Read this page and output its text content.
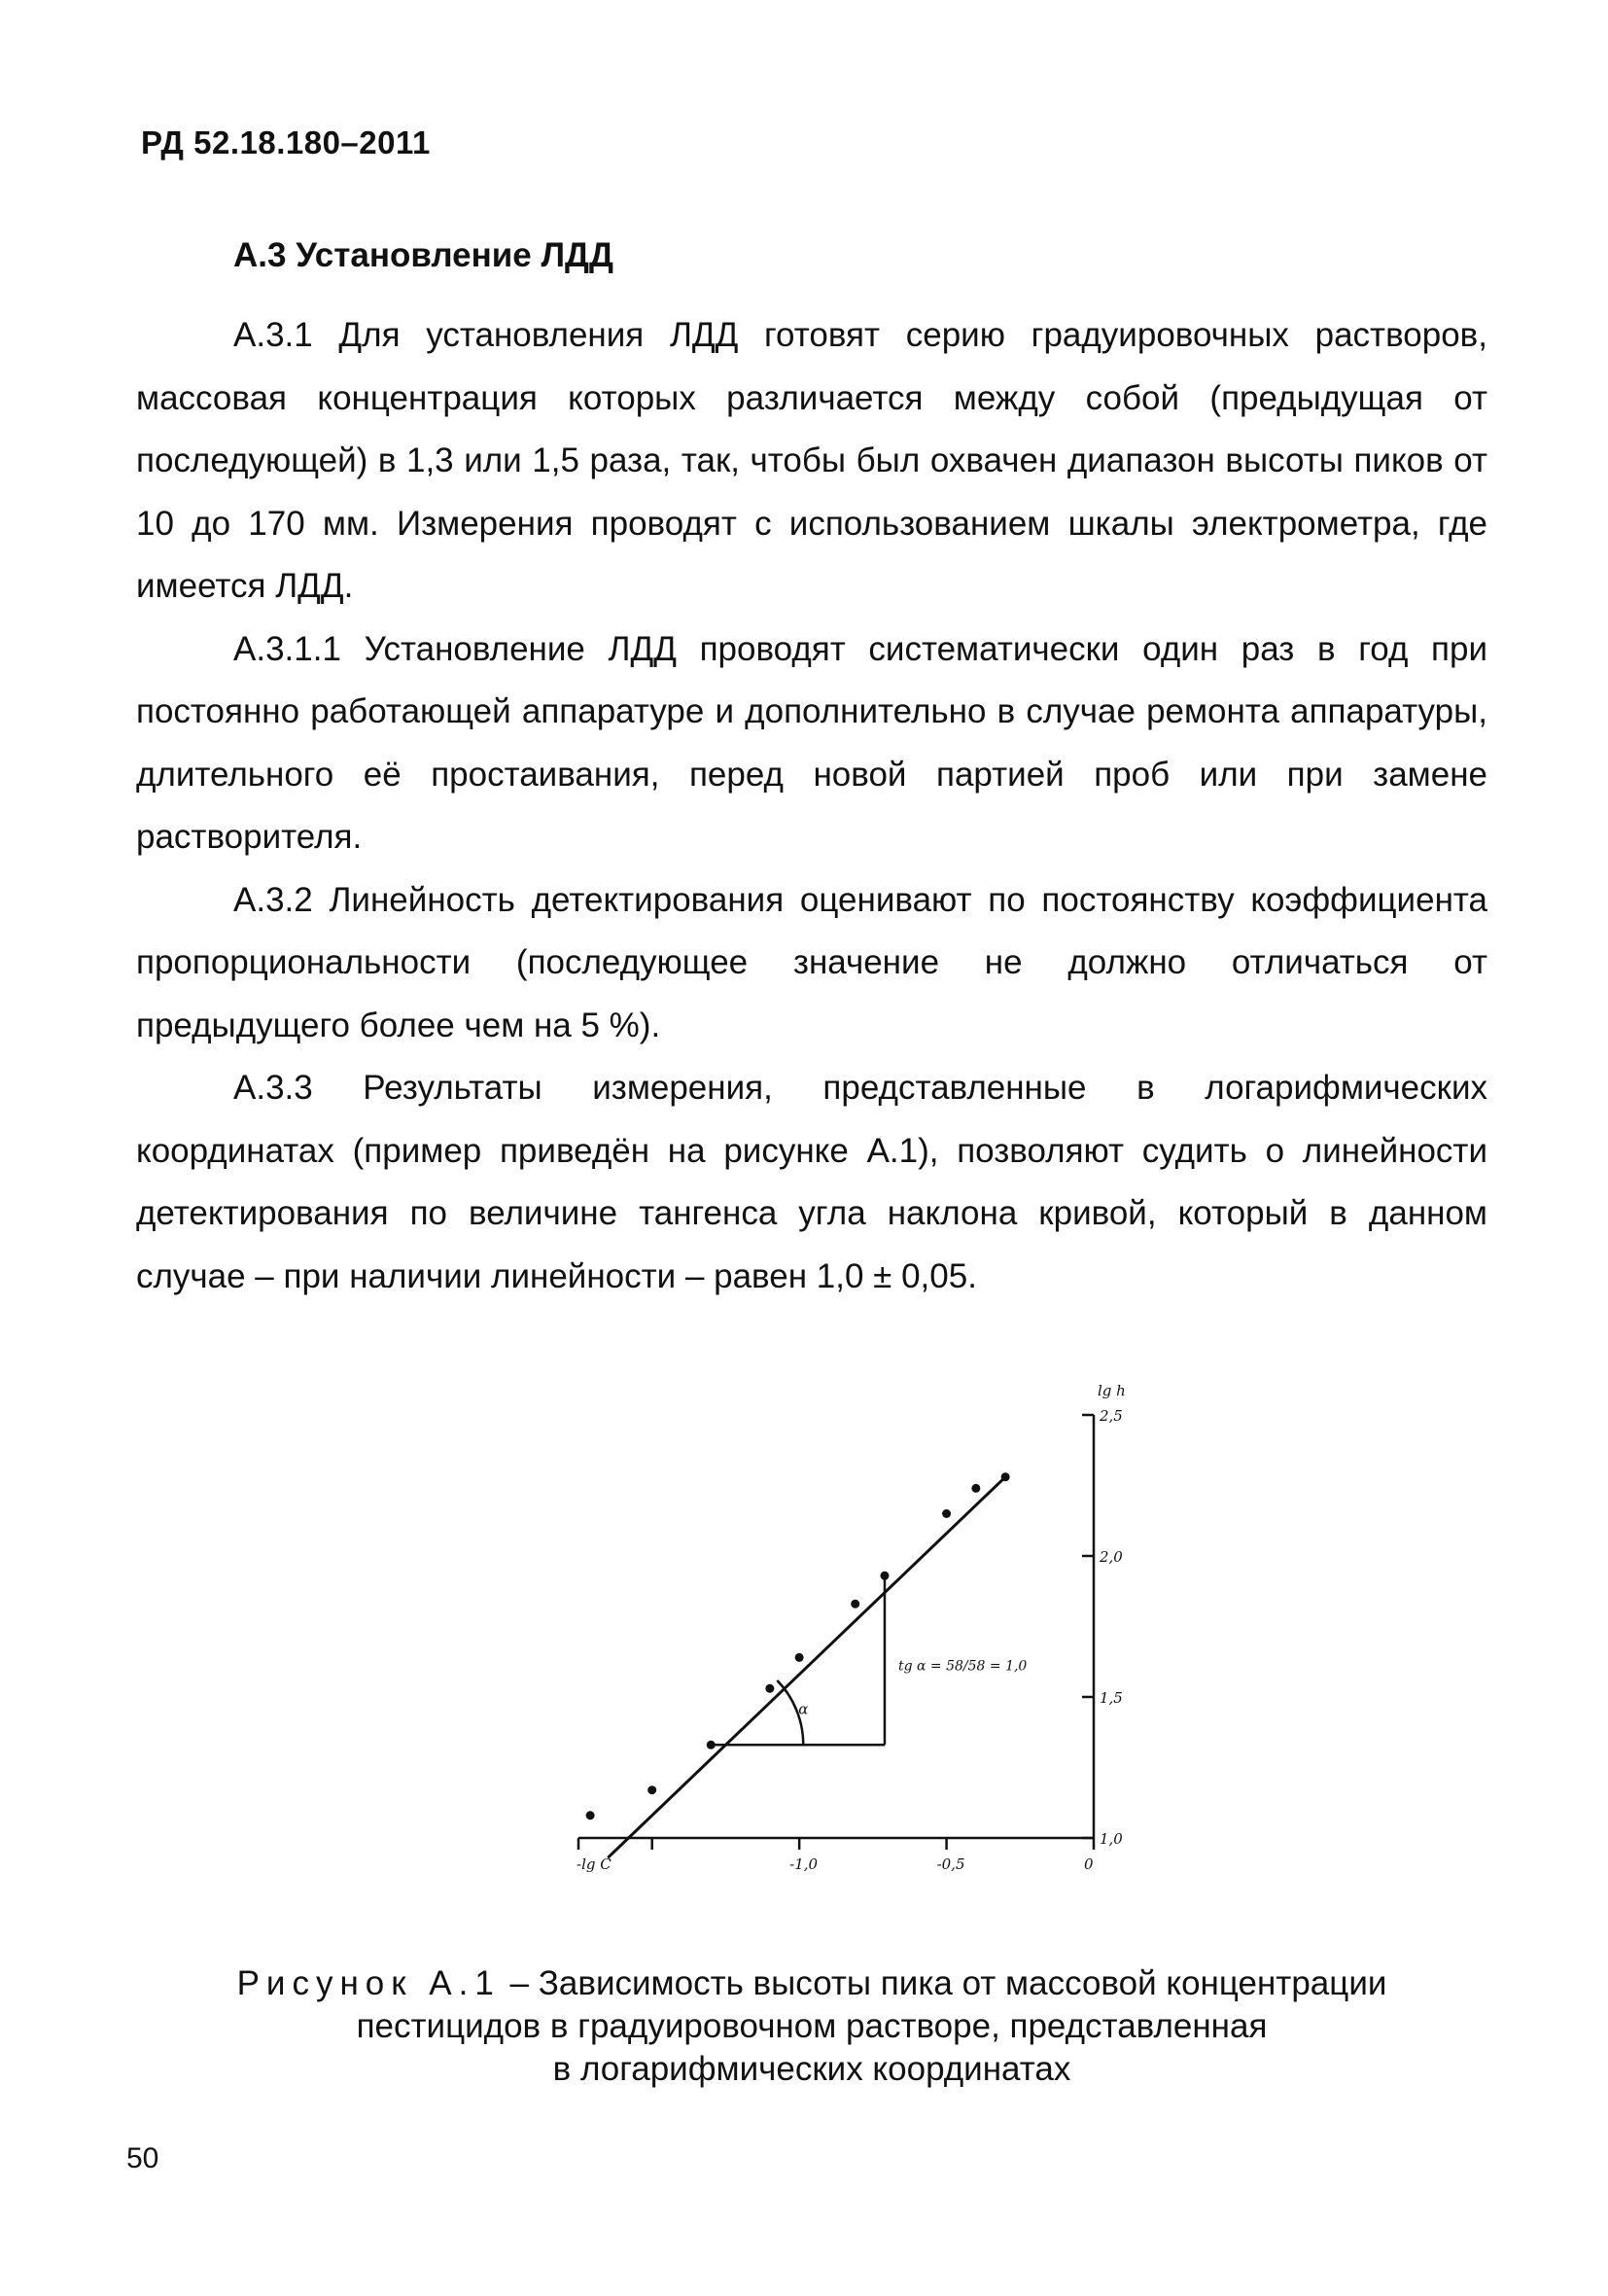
РД 52.18.180–2011
А.3 Установление ЛДД

А.3.1 Для установления ЛДД готовят серию градуировочных растворов, массовая концентрация которых различается между собой (предыдущая от последующей) в 1,3 или 1,5 раза, так, чтобы был охвачен диапазон высоты пиков от 10 до 170 мм. Измерения проводят с использованием шкалы электрометра, где имеется ЛДД.

А.3.1.1 Установление ЛДД проводят систематически один раз в год при постоянно работающей аппаратуре и дополнительно в случае ремонта аппаратуры, длительного её простаивания, перед новой партией проб или при замене растворителя.

А.3.2 Линейность детектирования оценивают по постоянству коэффициента пропорциональности (последующее значение не должно отличаться от предыдущего более чем на 5 %).

А.3.3 Результаты измерения, представленные в логарифмических координатах (пример приведён на рисунке А.1), позволяют судить о линейности детектирования по величине тангенса угла наклона кривой, который в данном случае – при наличии линейности – равен 1,0 ± 0,05.

-1,0	-0,5	0
-lg C
2,5
2,0
1,5
1,0
lg h
α
tg α = 58/58 = 1,0
Рисунок А.1 – Зависимость высоты пика от массовой концентрации
пестицидов в градуировочном растворе, представленная
в логарифмических координатах
50
